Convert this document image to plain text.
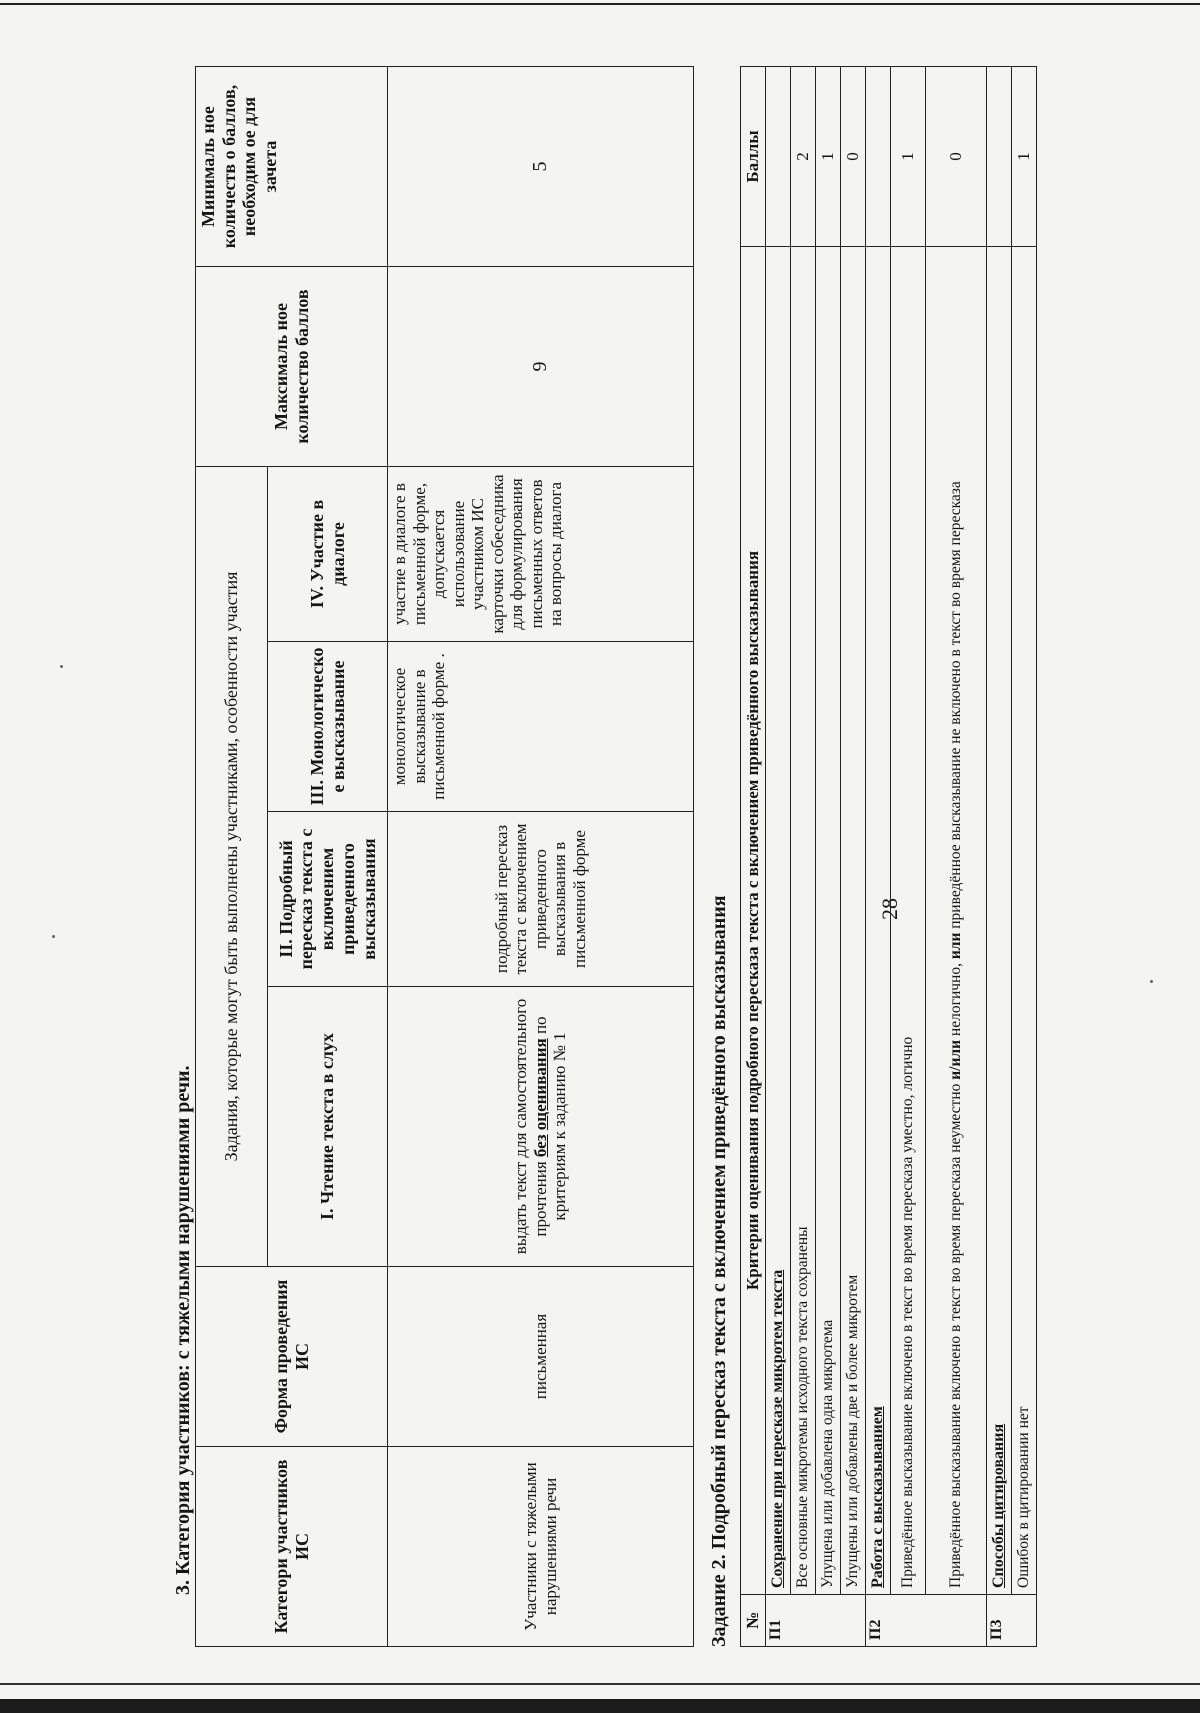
28
3. Категория участников: с тяжелыми нарушениями речи.	Категори участников ИС	Форма проведения ИС	Задания, которые могут быть выполнены участниками, особенности участия				Максималь ное количество баллов	Минималь ное количеств о баллов, необходим ое для зачета
		I. Чтение текста в слух	II. Подробный пересказ текста с включением приведенного высказывания	III. Монологическо е высказывание	IV. Участие в диалоге		
Участники с тяжелыми нарушениями речи	письменная	выдать текст для самостоятельного прочтения без оценивания по критериям к заданию № 1	подробный пересказ текста с включением приведенного высказывания в письменной форме	монологическое высказывание в письменной форме .	участие в диалоге в письменной форме, допускается использование участником ИС карточки собеседника для формулирования письменных ответов на вопросы диалога	9	5
Задание 2. Подробный пересказ текста с включением приведённого высказывания №	Критерии оценивания подробного пересказа текста с включением приведённого высказывания	Баллы
П1	Сохранение при пересказе микротем текста	
	Все основные микротемы исходного текста сохранены	2
	Упущена или добавлена одна микротема	1
	Упущены или добавлены две и более микротем	0
П2	Работа с высказыванием	
	Приведённое высказывание включено в текст во время пересказа уместно, логично	1
	Приведённое высказывание включено в текст во время пересказа неуместно и/или нелогично, или приведённое высказывание не включено в текст во время пересказа	0
П3	Способы цитирования	
	Ошибок в цитировании нет	1
